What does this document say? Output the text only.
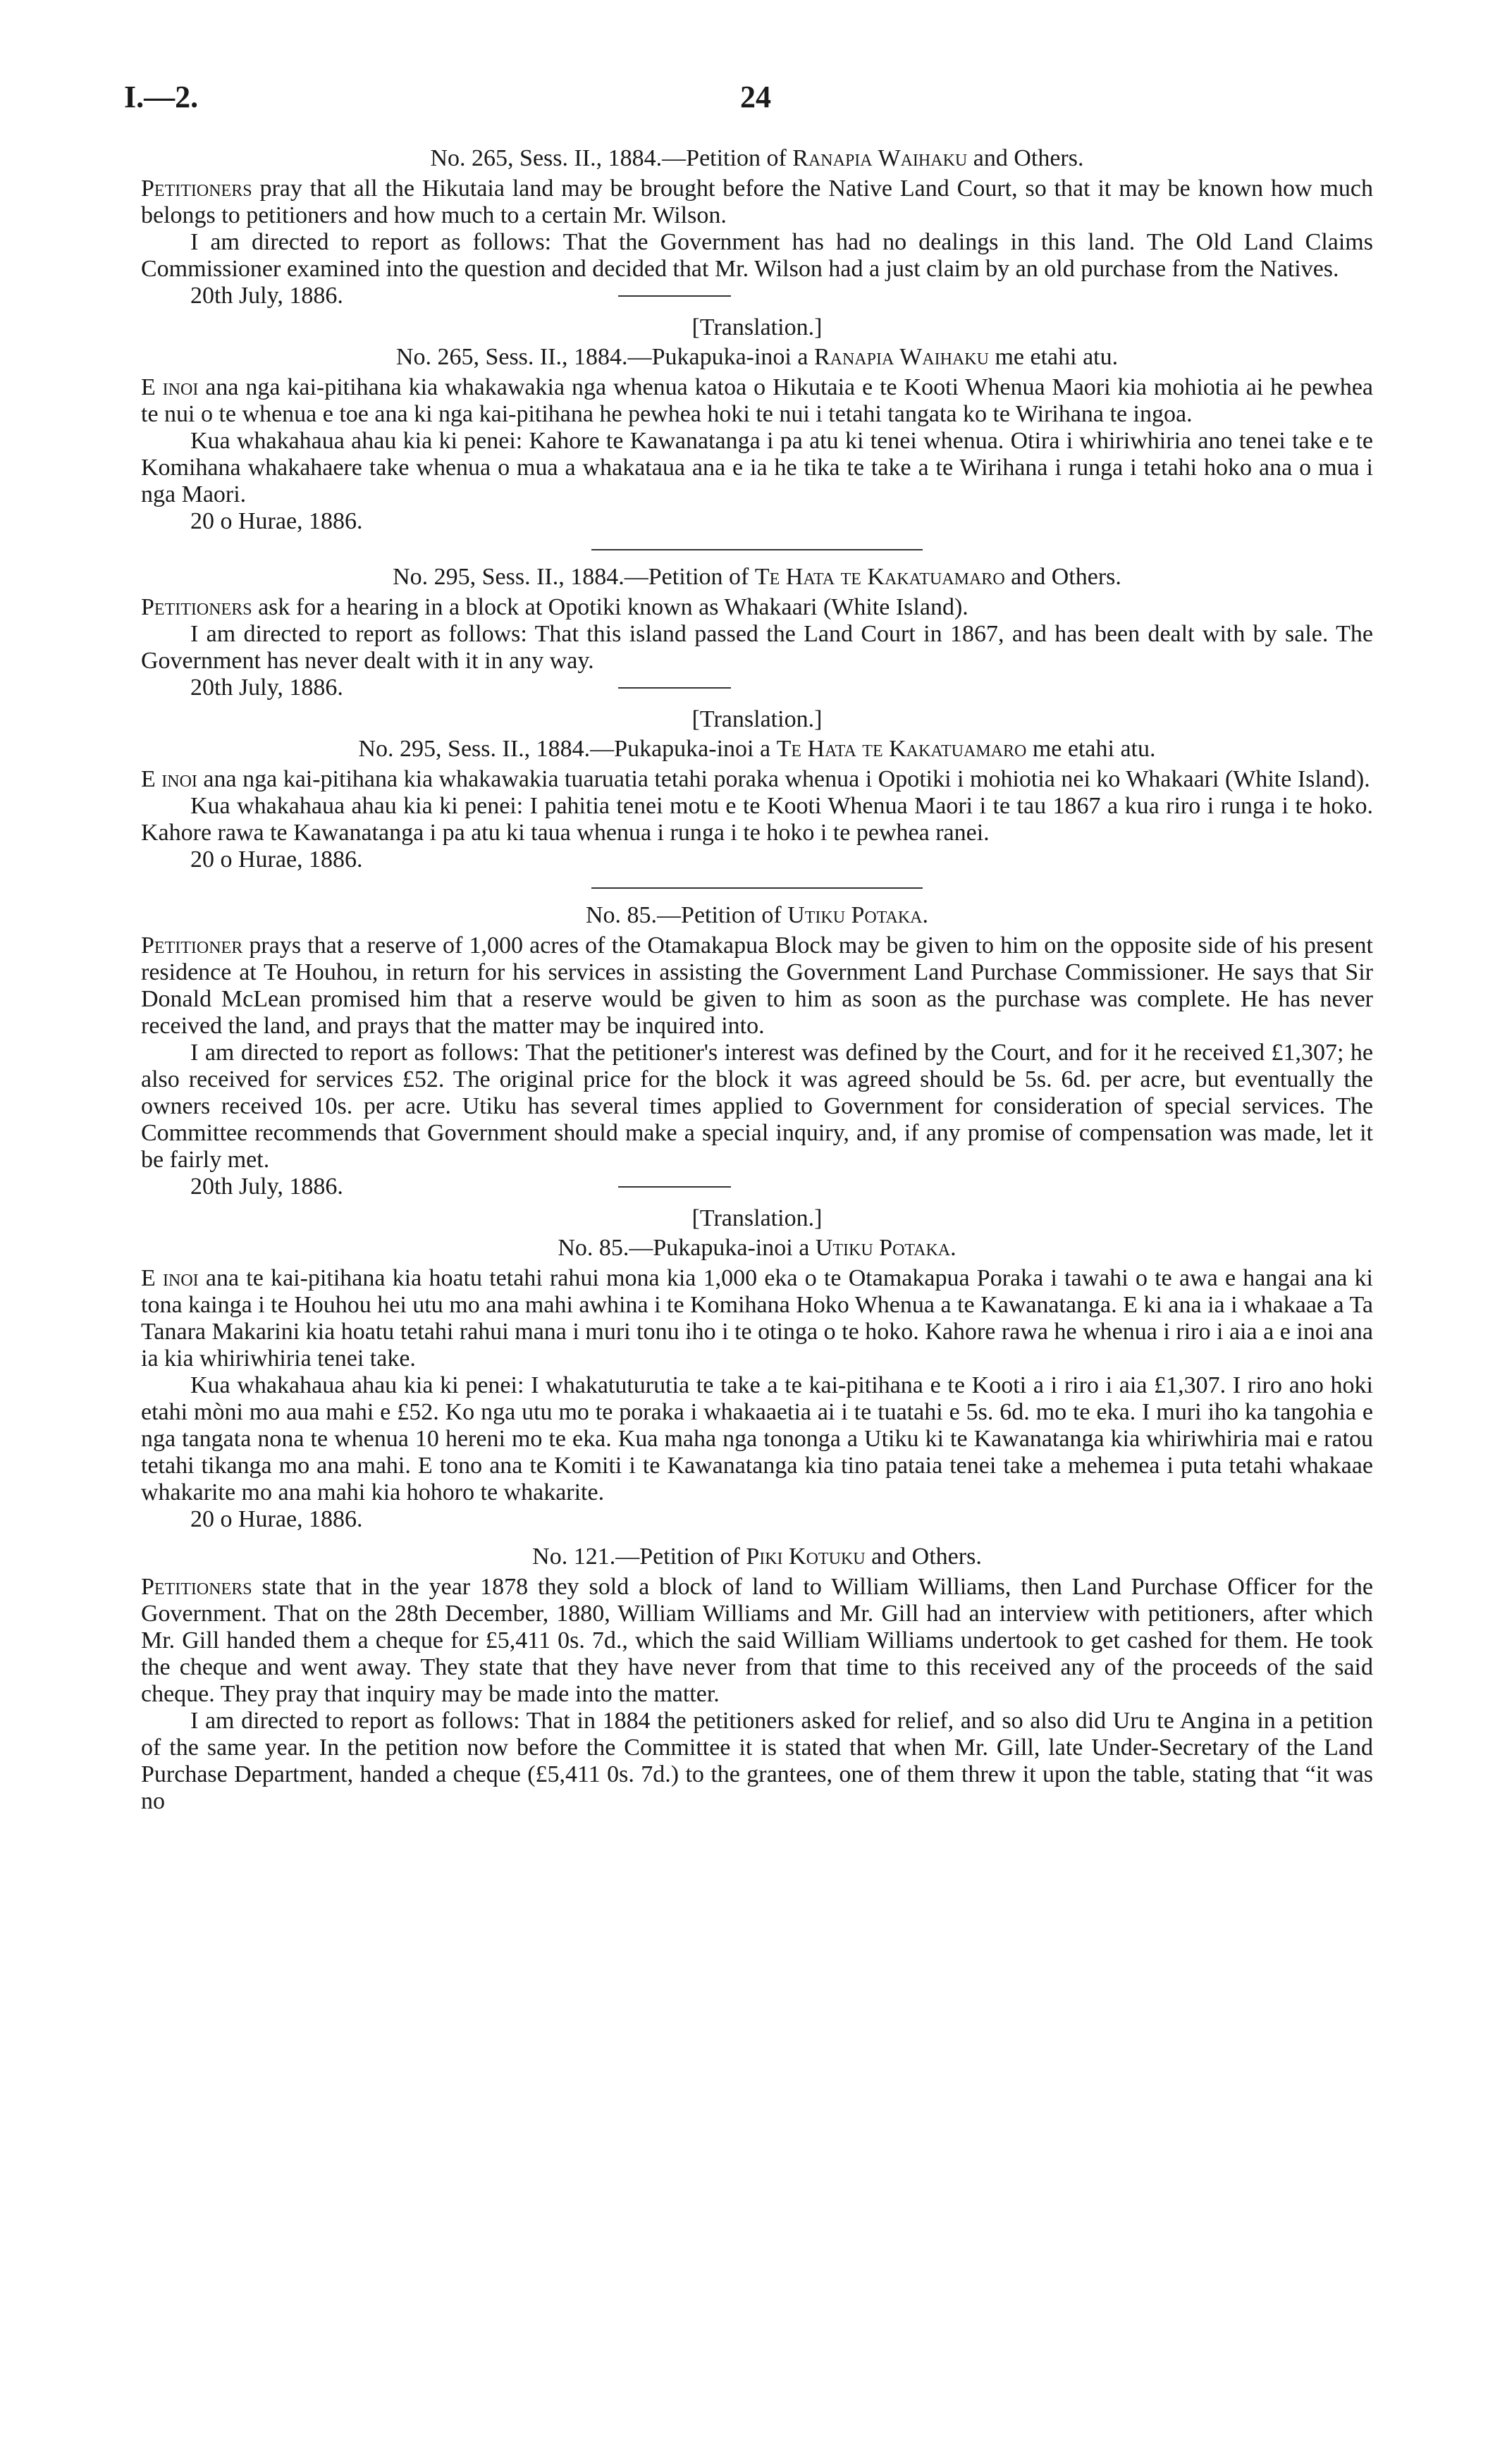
I.—2.	24

No. 265, Sess. II., 1884.—Petition of Ranapia Waihaku and Others.

Petitioners pray that all the Hikutaia land may be brought before the Native Land Court, so that it may be known how much belongs to petitioners and how much to a certain Mr. Wilson.

I am directed to report as follows: That the Government has had no dealings in this land. The Old Land Claims Commissioner examined into the question and decided that Mr. Wilson had a just claim by an old purchase from the Natives.

20th July, 1886.

[Translation.]

No. 265, Sess. II., 1884.—Pukapuka-inoi a Ranapia Waihaku me etahi atu.

E inoi ana nga kai-pitihana kia whakawakia nga whenua katoa o Hikutaia e te Kooti Whenua Maori kia mohiotia ai he pewhea te nui o te whenua e toe ana ki nga kai-pitihana he pewhea hoki te nui i tetahi tangata ko te Wirihana te ingoa.

Kua whakahaua ahau kia ki penei: Kahore te Kawanatanga i pa atu ki tenei whenua. Otira i whiriwhiria ano tenei take e te Komihana whakahaere take whenua o mua a whakataua ana e ia he tika te take a te Wirihana i runga i tetahi hoko ana o mua i nga Maori.

20 o Hurae, 1886.

No. 295, Sess. II., 1884.—Petition of Te Hata te Kakatuamaro and Others.

Petitioners ask for a hearing in a block at Opotiki known as Whakaari (White Island).

I am directed to report as follows: That this island passed the Land Court in 1867, and has been dealt with by sale. The Government has never dealt with it in any way.

20th July, 1886.

[Translation.]

No. 295, Sess. II., 1884.—Pukapuka-inoi a Te Hata te Kakatuamaro me etahi atu.

E inoi ana nga kai-pitihana kia whakawakia tuaruatia tetahi poraka whenua i Opotiki i mohiotia nei ko Whakaari (White Island).

Kua whakahaua ahau kia ki penei: I pahitia tenei motu e te Kooti Whenua Maori i te tau 1867 a kua riro i runga i te hoko. Kahore rawa te Kawanatanga i pa atu ki taua whenua i runga i te hoko i te pewhea ranei.

20 o Hurae, 1886.

No. 85.—Petition of Utiku Potaka.

Petitioner prays that a reserve of 1,000 acres of the Otamakapua Block may be given to him on the opposite side of his present residence at Te Houhou, in return for his services in assisting the Government Land Purchase Commissioner. He says that Sir Donald McLean promised him that a reserve would be given to him as soon as the purchase was complete. He has never received the land, and prays that the matter may be inquired into.

I am directed to report as follows: That the petitioner's interest was defined by the Court, and for it he received £1,307; he also received for services £52. The original price for the block it was agreed should be 5s. 6d. per acre, but eventually the owners received 10s. per acre. Utiku has several times applied to Government for consideration of special services. The Committee recommends that Government should make a special inquiry, and, if any promise of compensation was made, let it be fairly met.

20th July, 1886.

[Translation.]

No. 85.—Pukapuka-inoi a Utiku Potaka.

E inoi ana te kai-pitihana kia hoatu tetahi rahui mona kia 1,000 eka o te Otamakapua Poraka i tawahi o te awa e hangai ana ki tona kainga i te Houhou hei utu mo ana mahi awhina i te Komihana Hoko Whenua a te Kawanatanga. E ki ana ia i whakaae a Ta Tanara Makarini kia hoatu tetahi rahui mana i muri tonu iho i te otinga o te hoko. Kahore rawa he whenua i riro i aia a e inoi ana ia kia whiriwhiria tenei take.

Kua whakahaua ahau kia ki penei: I whakatuturutia te take a te kai-pitihana e te Kooti a i riro i aia £1,307. I riro ano hoki etahi mòni mo aua mahi e £52. Ko nga utu mo te poraka i whakaaetia ai i te tuatahi e 5s. 6d. mo te eka. I muri iho ka tangohia e nga tangata nona te whenua 10 hereni mo te eka. Kua maha nga tononga a Utiku ki te Kawanatanga kia whiriwhiria mai e ratou tetahi tikanga mo ana mahi. E tono ana te Komiti i te Kawanatanga kia tino pataia tenei take a mehemea i puta tetahi whakaae whakarite mo ana mahi kia hohoro te whakarite.

20 o Hurae, 1886.

No. 121.—Petition of Piki Kotuku and Others.

Petitioners state that in the year 1878 they sold a block of land to William Williams, then Land Purchase Officer for the Government. That on the 28th December, 1880, William Williams and Mr. Gill had an interview with petitioners, after which Mr. Gill handed them a cheque for £5,411 0s. 7d., which the said William Williams undertook to get cashed for them. He took the cheque and went away. They state that they have never from that time to this received any of the proceeds of the said cheque. They pray that inquiry may be made into the matter.

I am directed to report as follows: That in 1884 the petitioners asked for relief, and so also did Uru te Angina in a petition of the same year. In the petition now before the Committee it is stated that when Mr. Gill, late Under-Secretary of the Land Purchase Department, handed a cheque (£5,411 0s. 7d.) to the grantees, one of them threw it upon the table, stating that “it was no
